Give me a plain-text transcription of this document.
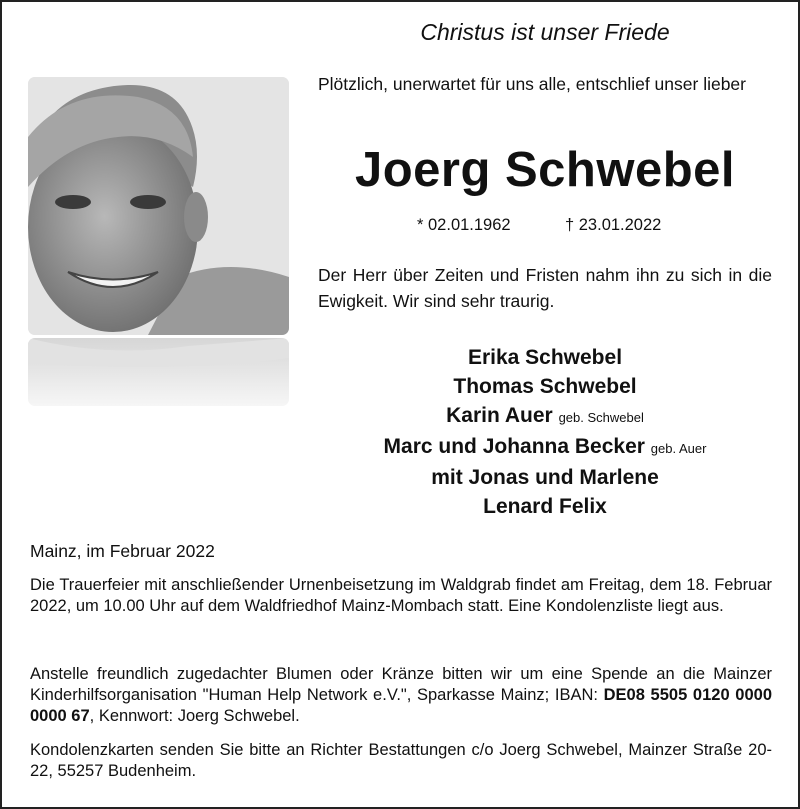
Christus ist unser Friede
Plötzlich, unerwartet für uns alle, entschlief unser lieber
Joerg Schwebel
* 02.01.1962	† 23.01.2022
Der Herr über Zeiten und Fristen nahm ihn zu sich in die Ewigkeit. Wir sind sehr traurig.
Erika Schwebel
Thomas Schwebel
Karin Auer geb. Schwebel
Marc und Johanna Becker geb. Auer
mit Jonas und Marlene
Lenard Felix
Mainz, im Februar 2022
Die Trauerfeier mit anschließender Urnenbeisetzung im Waldgrab findet am Freitag, dem 18. Februar 2022, um 10.00 Uhr auf dem Waldfriedhof Mainz-Mombach statt. Eine Kondolenzliste liegt aus.
Anstelle freundlich zugedachter Blumen oder Kränze bitten wir um eine Spende an die Mainzer Kinderhilfsorganisation "Human Help Network e.V.", Sparkasse Mainz; IBAN: DE08 5505 0120 0000 0000 67, Kennwort: Joerg Schwebel.
Kondolenzkarten senden Sie bitte an Richter Bestattungen c/o Joerg Schwebel, Mainzer Straße 20-22, 55257 Budenheim.
